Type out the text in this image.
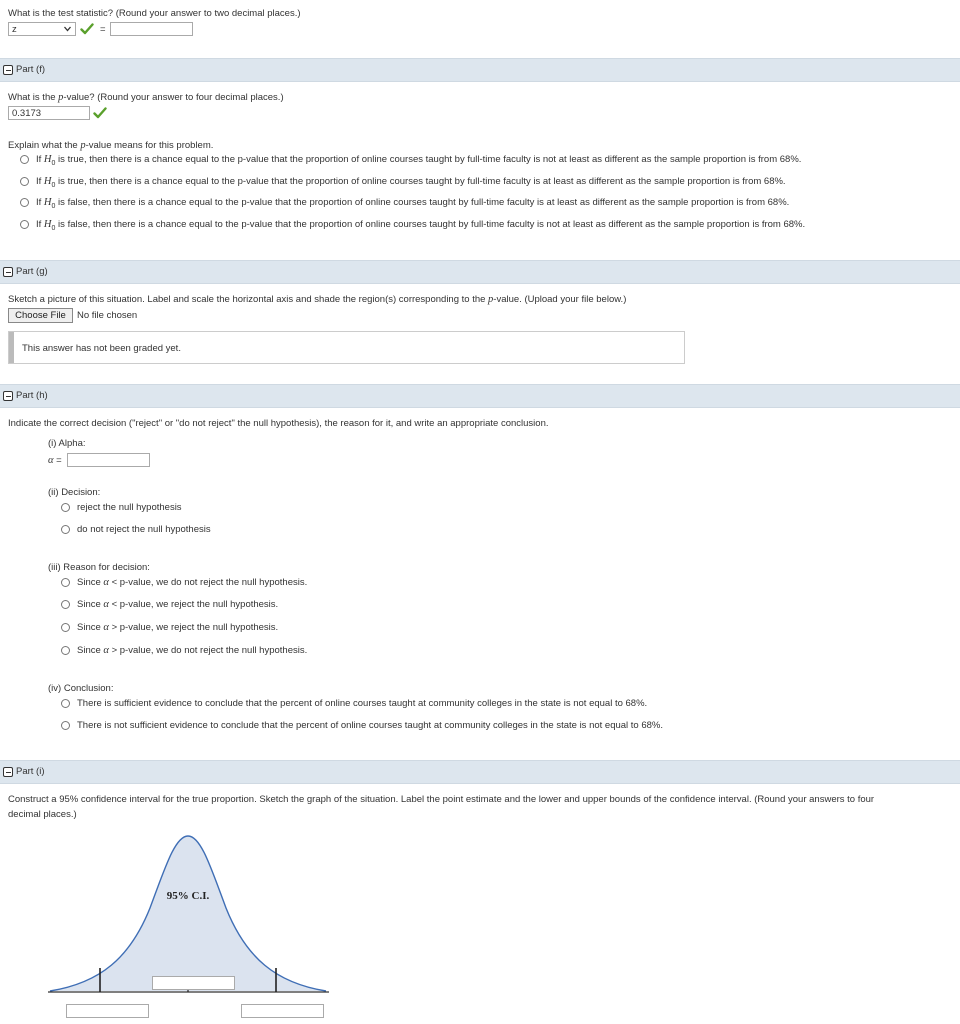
What is the test statistic? (Round your answer to two decimal places.)
z	=
Part (f)
What is the p-value? (Round your answer to four decimal places.)
0.3173
Explain what the p-value means for this problem.
If $H_0$ is true, then there is a chance equal to the p-value that the proportion of online courses taught by full-time faculty is not at least as different as the sample proportion is from 68%.
If $H_0$ is true, then there is a chance equal to the p-value that the proportion of online courses taught by full-time faculty is at least as different as the sample proportion is from 68%.
If $H_0$ is false, then there is a chance equal to the p-value that the proportion of online courses taught by full-time faculty is at least as different as the sample proportion is from 68%.
If $H_0$ is false, then there is a chance equal to the p-value that the proportion of online courses taught by full-time faculty is not at least as different as the sample proportion is from 68%.
Part (g)
Sketch a picture of this situation. Label and scale the horizontal axis and shade the region(s) corresponding to the p-value. (Upload your file below.)
Choose File	No file chosen
This answer has not been graded yet.
Part (h)
Indicate the correct decision ("reject" or "do not reject" the null hypothesis), the reason for it, and write an appropriate conclusion.
(i) Alpha:
α =
(ii) Decision:
reject the null hypothesis
do not reject the null hypothesis
(iii) Reason for decision:
Since α < p-value, we do not reject the null hypothesis.
Since α < p-value, we reject the null hypothesis.
Since α > p-value, we reject the null hypothesis.
Since α > p-value, we do not reject the null hypothesis.
(iv) Conclusion:
There is sufficient evidence to conclude that the percent of online courses taught at community colleges in the state is not equal to 68%.
There is not sufficient evidence to conclude that the percent of online courses taught at community colleges in the state is not equal to 68%.
Part (i)
Construct a 95% confidence interval for the true proportion. Sketch the graph of the situation. Label the point estimate and the lower and upper bounds of the confidence interval. (Round your answers to four
decimal places.)
95% C.I.
